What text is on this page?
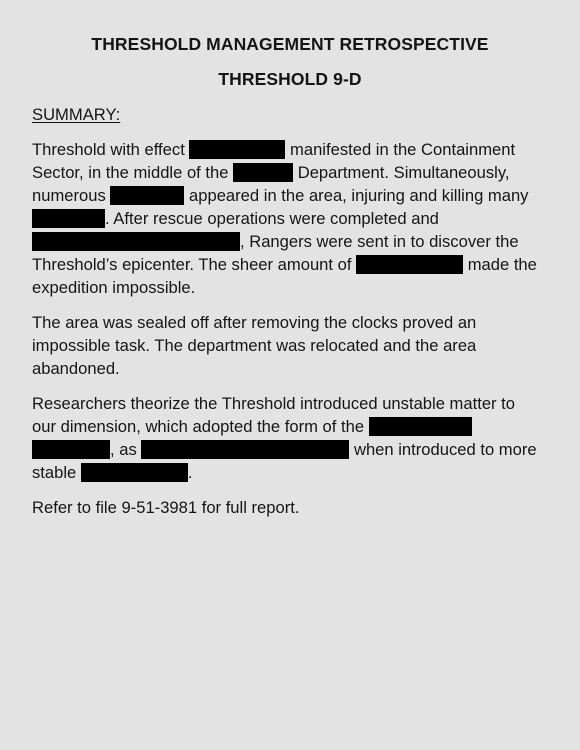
THRESHOLD MANAGEMENT RETROSPECTIVE
THRESHOLD 9-D

SUMMARY:

Threshold with effect	manifested in the Containment
Sector, in the middle of the	Department. Simultaneously,
numerous	appeared in the area, injuring and killing many
. After rescue operations were completed and
, Rangers were sent in to discover the
Threshold’s epicenter. The sheer amount of	made the
expedition impossible.
The area was sealed off after removing the clocks proved an
impossible task. The department was relocated and the area
abandoned.
Researchers theorize the Threshold introduced unstable matter to
our dimension, which adopted the form of the
, as	when introduced to more
stable	.
Refer to file 9-51-3981 for full report.
